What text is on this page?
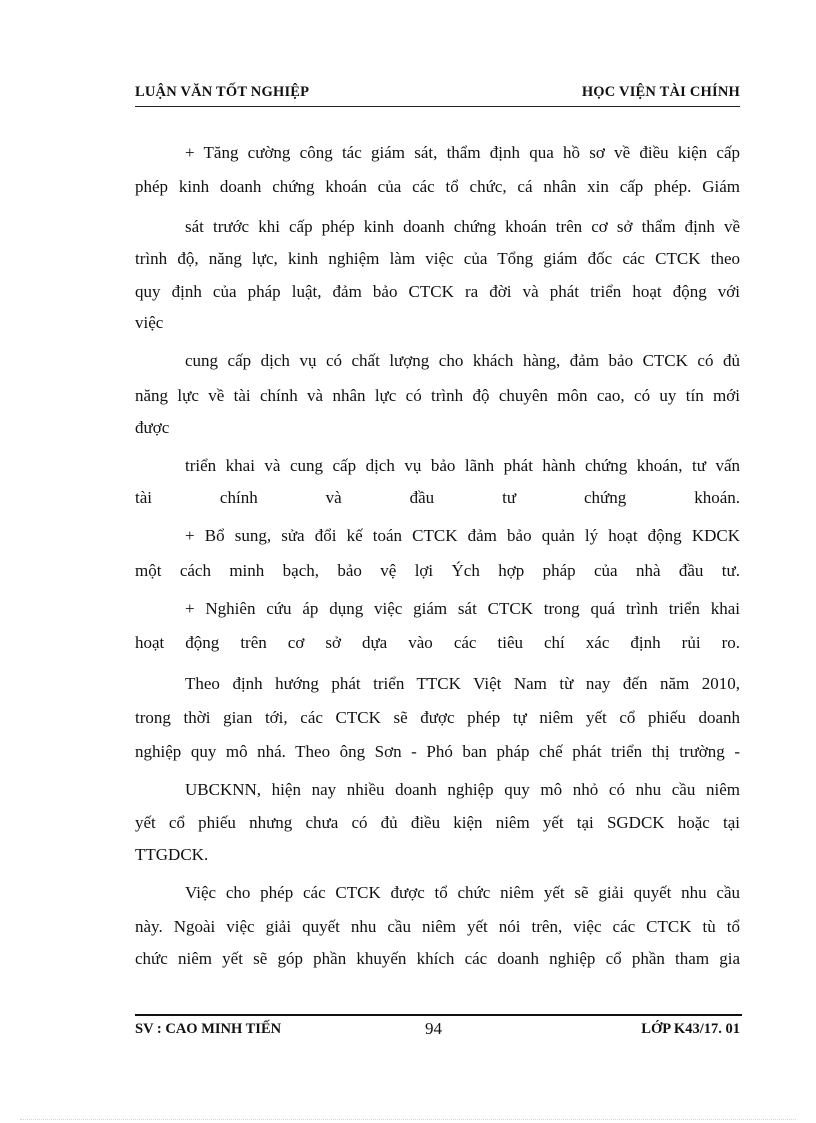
LUẬN VĂN TỐT NGHIỆP	HỌC VIỆN TÀI CHÍNH
+ Tăng cường công tác giám sát, thẩm định qua hồ sơ về điều kiện cấp
phép kinh doanh chứng khoán của các tổ chức, cá nhân xin cấp phép. Giám
sát trước khi cấp phép kinh doanh chứng khoán trên cơ sở thẩm định về
trình độ, năng lực, kinh nghiệm làm việc của Tổng giám đốc các CTCK theo
quy định của pháp luật, đảm bảo CTCK ra đời và phát triển hoạt động với
việc
cung cấp dịch vụ có chất lượng cho khách hàng, đảm bảo CTCK có đủ
năng lực về tài chính và nhân lực có trình độ chuyên môn cao, có uy tín mới
được
triển khai và cung cấp dịch vụ bảo lãnh phát hành chứng khoán, tư vấn
tài chính và đầu tư chứng khoán.
+ Bổ sung, sửa đổi kế toán CTCK đảm bảo quản lý hoạt động KDCK
một cách minh bạch, bảo vệ lợi Ých hợp pháp của nhà đầu tư.
+ Nghiên cứu áp dụng việc giám sát CTCK trong quá trình triển khai
hoạt động trên cơ sở dựa vào các tiêu chí xác định rủi ro.
Theo định hướng phát triển TTCK Việt Nam từ nay đến năm 2010,
trong thời gian tới, các CTCK sẽ được phép tự niêm yết cổ phiếu doanh
nghiệp quy mô nhá. Theo ông Sơn - Phó ban pháp chế phát triển thị trường -
UBCKNN, hiện nay nhiều doanh nghiệp quy mô nhỏ có nhu cầu niêm
yết cổ phiếu nhưng chưa có đủ điều kiện niêm yết tại SGDCK hoặc tại
TTGDCK.
Việc cho phép các CTCK được tổ chức niêm yết sẽ giải quyết nhu cầu
này. Ngoài việc giải quyết nhu cầu niêm yết nói trên, việc các CTCK tù tổ
chức niêm yết sẽ góp phần khuyến khích các doanh nghiệp cổ phần tham gia
SV : CAO MINH TIẾN	94	LỚP K43/17. 01
